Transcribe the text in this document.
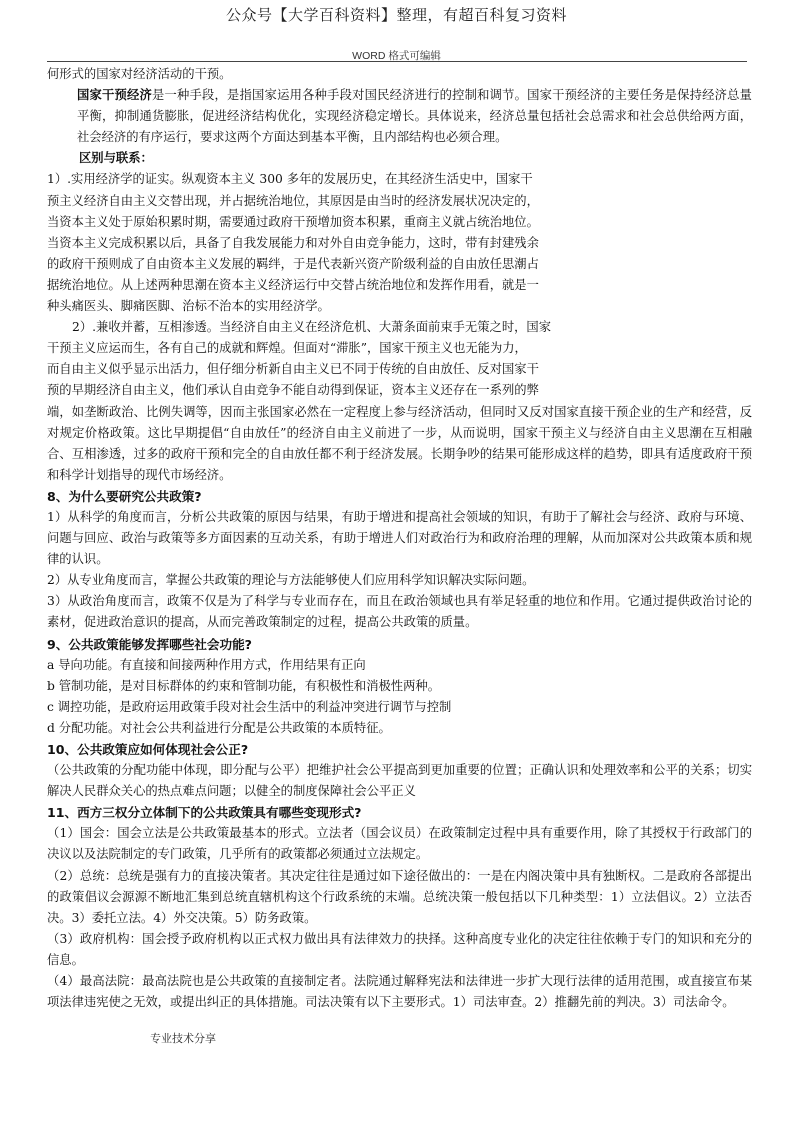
公众号【大学百科资料】整理，有超百科复习资料
WORD 格式可编辑
何形式的国家对经济活动的干预。
国家干预经济是一种手段，是指国家运用各种手段对国民经济进行的控制和调节。国家干预经济的主要任务是保持经济总量平衡，抑制通货膨胀，促进经济结构优化，实现经济稳定增长。具体说来，经济总量包括社会总需求和社会总供给两方面，社会经济的有序运行，要求这两个方面达到基本平衡，且内部结构也必须合理。
区别与联系：
1）.实用经济学的证实。纵观资本主义 300 多年的发展历史，在其经济生活史中，国家干
预主义经济自由主义交替出现，并占据统治地位，其原因是由当时的经济发展状况决定的，
当资本主义处于原始积累时期，需要通过政府干预增加资本积累，重商主义就占统治地位。
当资本主义完成积累以后，具备了自我发展能力和对外自由竞争能力，这时，带有封建残余
的政府干预则成了自由资本主义发展的羁绊，于是代表新兴资产阶级利益的自由放任思潮占
据统治地位。从上述两种思潮在资本主义经济运行中交替占统治地位和发挥作用看，就是一
种头痛医头、脚痛医脚、治标不治本的实用经济学。
2）.兼收并蓄，互相渗透。当经济自由主义在经济危机、大萧条面前束手无策之时，国家
干预主义应运而生，各有自己的成就和辉煌。但面对“滞胀”，国家干预主义也无能为力，
而自由主义似乎显示出活力，但仔细分析新自由主义已不同于传统的自由放任、反对国家干
预的早期经济自由主义，他们承认自由竞争不能自动得到保证，资本主义还存在一系列的弊
端，如垄断政治、比例失调等，因而主张国家必然在一定程度上参与经济活动，但同时又反对国家直接干预企业的生产和经营，反对规定价格政策。这比早期提倡“自由放任”的经济自由主义前进了一步，从而说明，国家干预主义与经济自由主义思潮在互相融合、互相渗透，过多的政府干预和完全的自由放任都不利于经济发展。长期争吵的结果可能形成这样的趋势，即具有适度政府干预和科学计划指导的现代市场经济。
8、为什么要研究公共政策?
1）从科学的角度而言，分析公共政策的原因与结果，有助于增进和提高社会领域的知识，有助于了解社会与经济、政府与环境、问题与回应、政治与政策等多方面因素的互动关系，有助于增进人们对政治行为和政府治理的理解，从而加深对公共政策本质和规律的认识。
2）从专业角度而言，掌握公共政策的理论与方法能够使人们应用科学知识解决实际问题。
3）从政治角度而言，政策不仅是为了科学与专业而存在，而且在政治领域也具有举足轻重的地位和作用。它通过提供政治讨论的素材，促进政治意识的提高，从而完善政策制定的过程，提高公共政策的质量。
9、公共政策能够发挥哪些社会功能?
a 导向功能。有直接和间接两种作用方式，作用结果有正向
b 管制功能，是对目标群体的约束和管制功能，有积极性和消极性两种。
c 调控功能，是政府运用政策手段对社会生活中的利益冲突进行调节与控制
d 分配功能。对社会公共利益进行分配是公共政策的本质特征。
10、公共政策应如何体现社会公正?
（公共政策的分配功能中体现，即分配与公平）把维护社会公平提高到更加重要的位置；正确认识和处理效率和公平的关系；切实解决人民群众关心的热点难点问题；以健全的制度保障社会公平正义
11、西方三权分立体制下的公共政策具有哪些变现形式?
（1）国会：国会立法是公共政策最基本的形式。立法者（国会议员）在政策制定过程中具有重要作用，除了其授权于行政部门的决议以及法院制定的专门政策，几乎所有的政策都必须通过立法规定。
（2）总统：总统是强有力的直接决策者。其决定往往是通过如下途径做出的：一是在内阁决策中具有独断权。二是政府各部提出的政策倡议会源源不断地汇集到总统直辖机构这个行政系统的末端。总统决策一般包括以下几种类型：1）立法倡议。2）立法否决。3）委托立法。4）外交决策。5）防务政策。
（3）政府机构：国会授予政府机构以正式权力做出具有法律效力的抉择。这种高度专业化的决定往往依赖于专门的知识和充分的信息。
（4）最高法院：最高法院也是公共政策的直接制定者。法院通过解释宪法和法律进一步扩大现行法律的适用范围，或直接宣布某项法律违宪使之无效，或提出纠正的具体措施。司法决策有以下主要形式。1）司法审查。2）推翻先前的判决。3）司法命令。
专业技术分享
